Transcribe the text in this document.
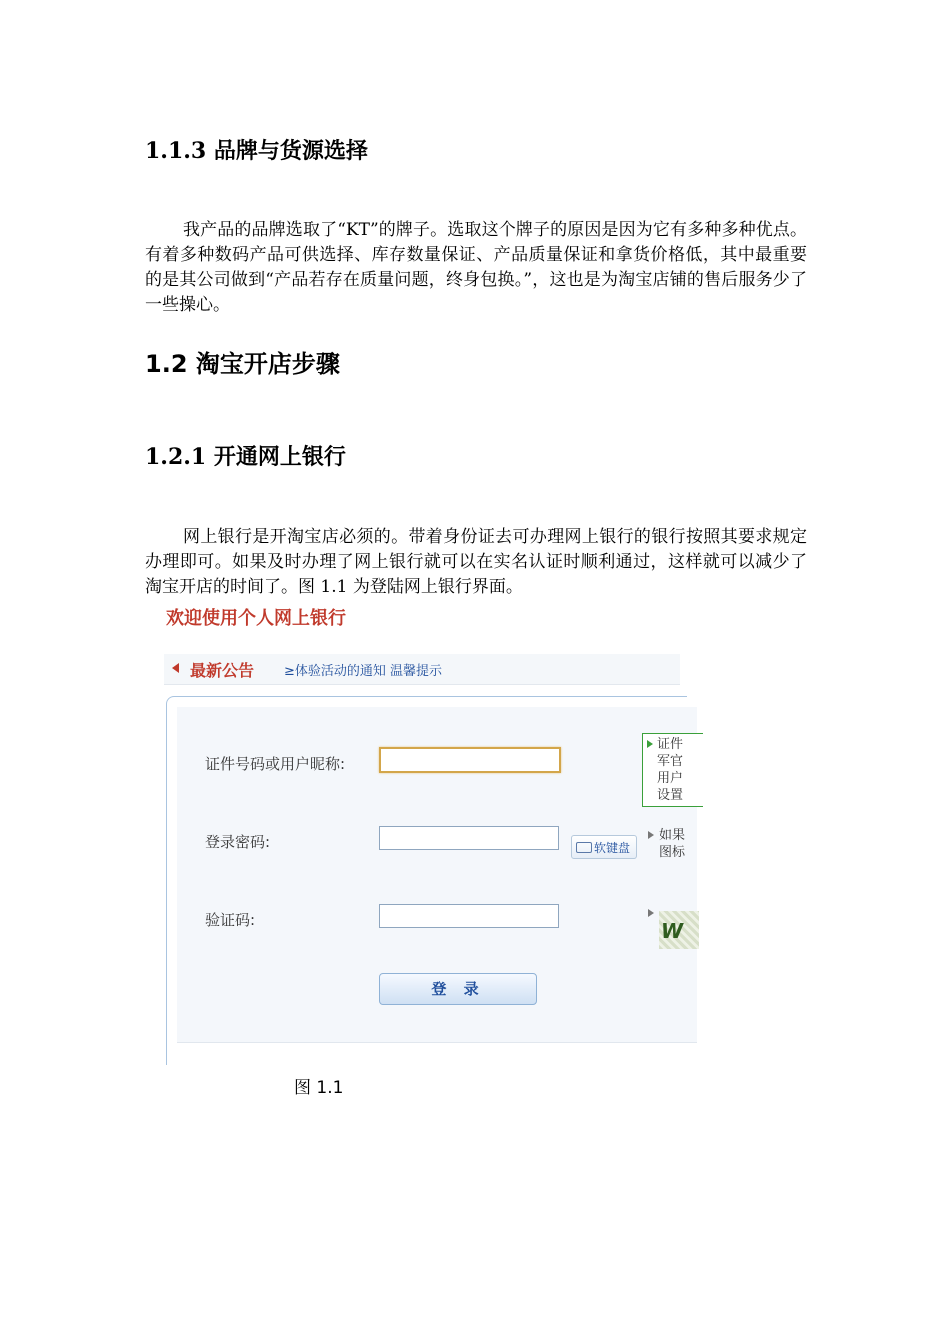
1.1.3 品牌与货源选择

我产品的品牌选取了“KT”的牌子。选取这个牌子的原因是因为它有多种多种优点。有着多种数码产品可供选择、库存数量保证、产品质量保证和拿货价格低，其中最重要的是其公司做到“产品若存在质量问题，终身包换。”，这也是为淘宝店铺的售后服务少了一些操心。

1.2 淘宝开店步骤
1.2.1 开通网上银行

网上银行是开淘宝店必须的。带着身份证去可办理网上银行的银行按照其要求规定办理即可。如果及时办理了网上银行就可以在实名认证时顺利通过，这样就可以减少了淘宝开店的时间了。图 1.1 为登陆网上银行界面。

欢迎使用个人网上银行
最新公告 ≥体验活动的通知 温馨提示
证件号码或用户昵称:
证件
军官
用户
设置
登录密码:	软键盘
如果
图标
验证码:	W
登 录
图 1.1
